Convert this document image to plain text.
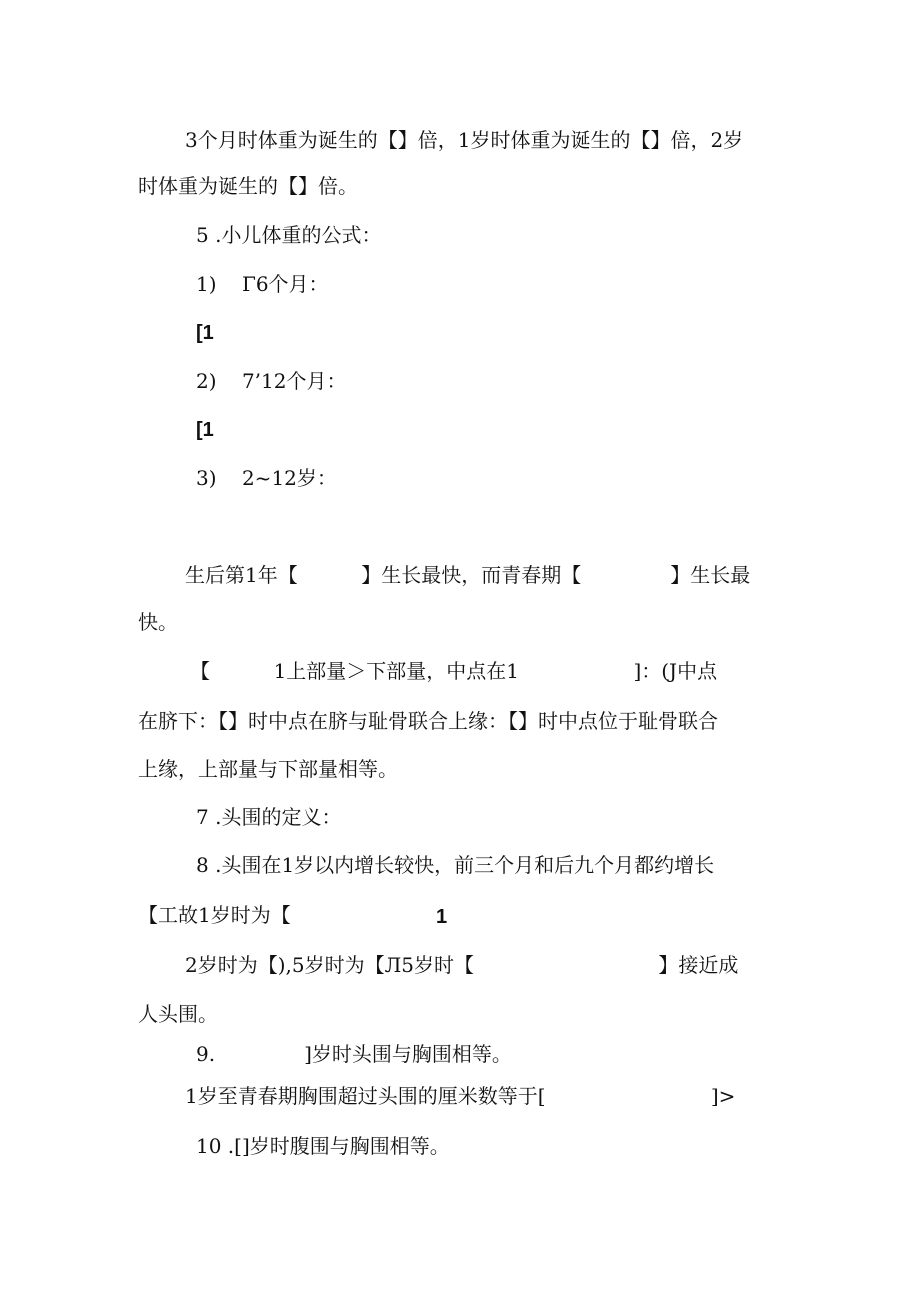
3个月时体重为诞生的【】倍，1岁时体重为诞生的【】倍，2岁
时体重为诞生的【】倍。
5 .小儿体重的公式：
1)    Γ6个月：
[1
2)    7’12个月：
[1
3)    2~12岁：
生后第1年【          】生长最快，而青春期【              】生长最
快。
【          1上部量＞下部量，中点在1                  ]：(J中点
在脐下：【】时中点在脐与耻骨联合上缘：【】时中点位于耻骨联合
上缘，上部量与下部量相等。
7 .头围的定义：
8 .头围在1岁以内增长较快，前三个月和后九个月都约增长
【工故1岁时为【	1
2岁时为【),5岁时为【Л5岁时【                             】接近成
人头围。
9.              ]岁时头围与胸围相等。
1岁至青春期胸围超过头围的厘米数等于[                          ]>
10 .[]岁时腹围与胸围相等。
